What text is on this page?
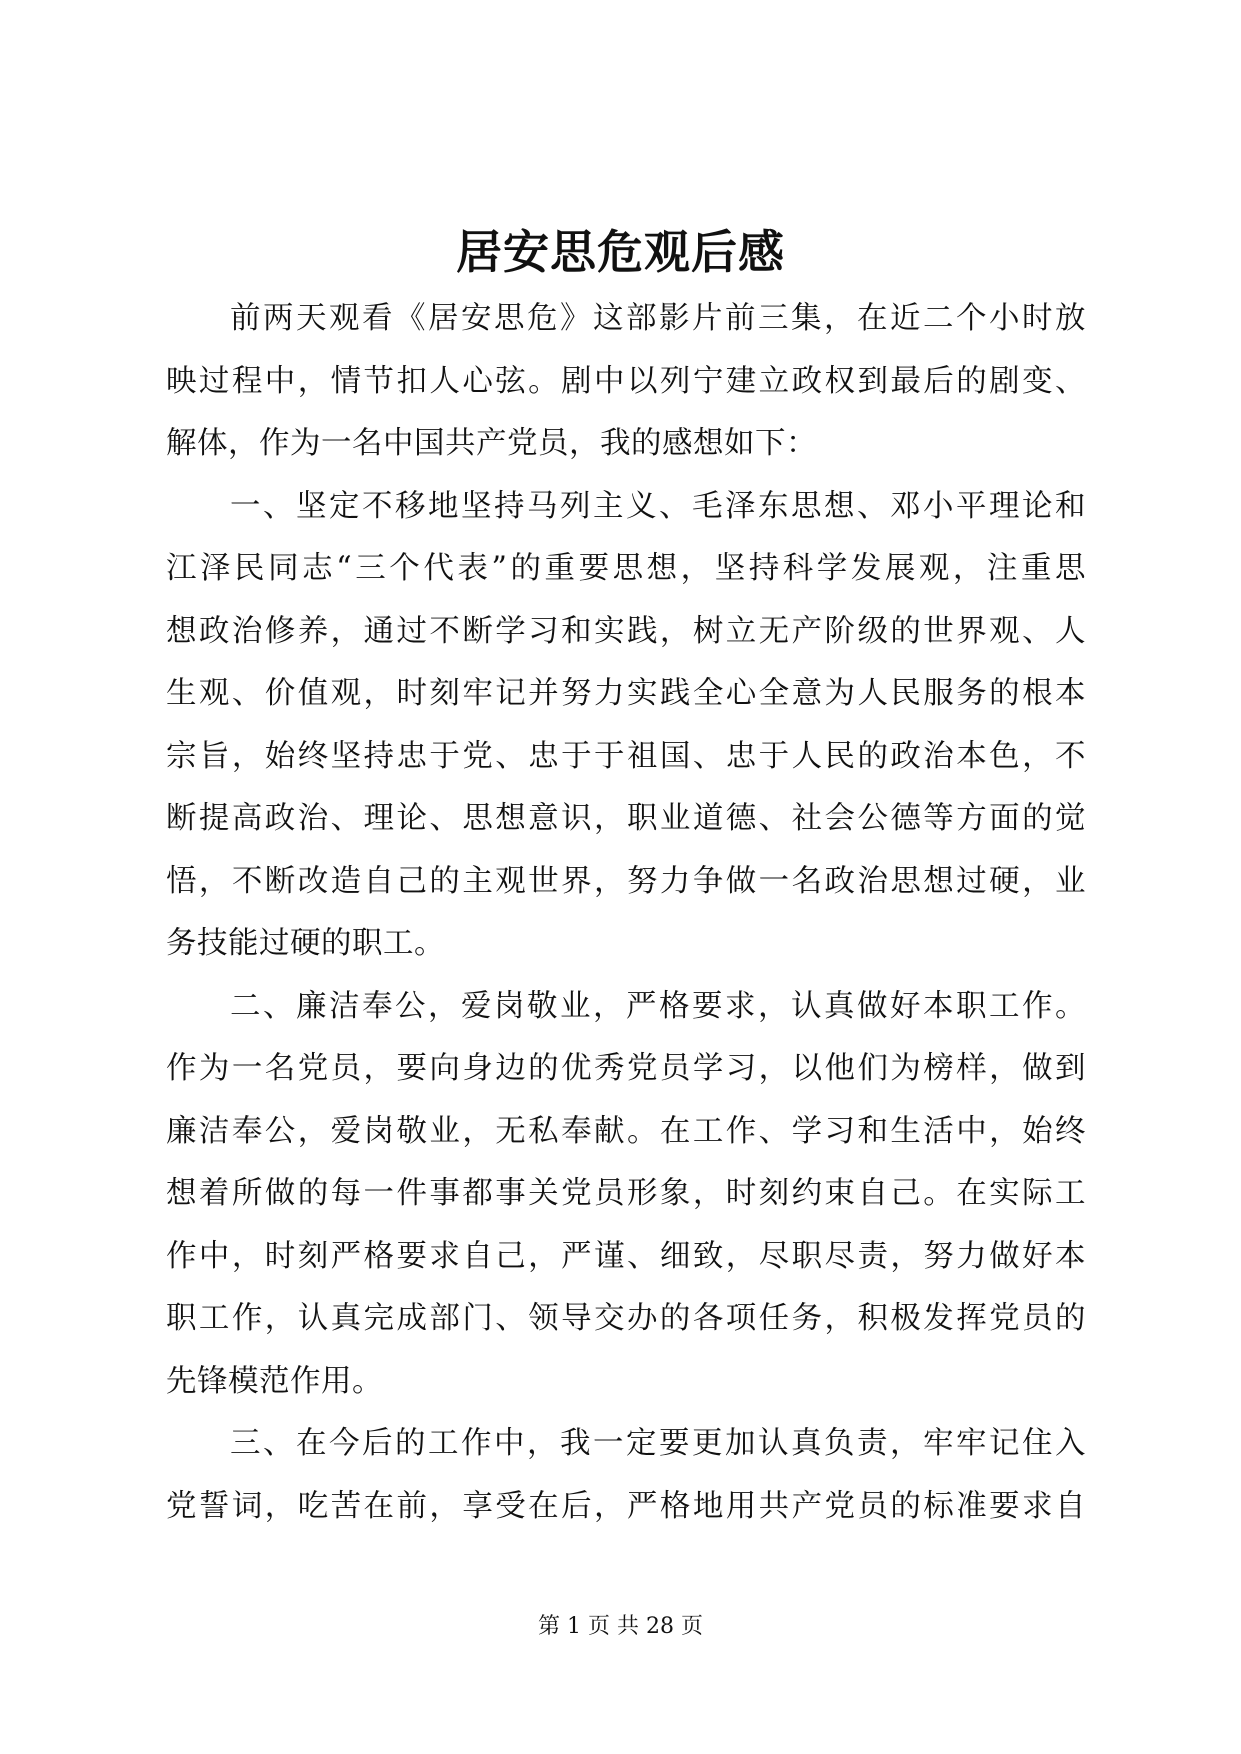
居安思危观后感
前两天观看《居安思危》这部影片前三集，在近二个小时放
映过程中，情节扣人心弦。剧中以列宁建立政权到最后的剧变、
解体，作为一名中国共产党员，我的感想如下：
一、坚定不移地坚持马列主义、毛泽东思想、邓小平理论和
江泽民同志“三个代表”的重要思想，坚持科学发展观，注重思
想政治修养，通过不断学习和实践，树立无产阶级的世界观、人
生观、价值观，时刻牢记并努力实践全心全意为人民服务的根本
宗旨，始终坚持忠于党、忠于于祖国、忠于人民的政治本色，不
断提高政治、理论、思想意识，职业道德、社会公德等方面的觉
悟，不断改造自己的主观世界，努力争做一名政治思想过硬，业
务技能过硬的职工。
二、廉洁奉公，爱岗敬业，严格要求，认真做好本职工作。
作为一名党员，要向身边的优秀党员学习，以他们为榜样，做到
廉洁奉公，爱岗敬业，无私奉献。在工作、学习和生活中，始终
想着所做的每一件事都事关党员形象，时刻约束自己。在实际工
作中，时刻严格要求自己，严谨、细致，尽职尽责，努力做好本
职工作，认真完成部门、领导交办的各项任务，积极发挥党员的
先锋模范作用。
三、在今后的工作中，我一定要更加认真负责，牢牢记住入
党誓词，吃苦在前，享受在后，严格地用共产党员的标准要求自
第 1 页 共 28 页
